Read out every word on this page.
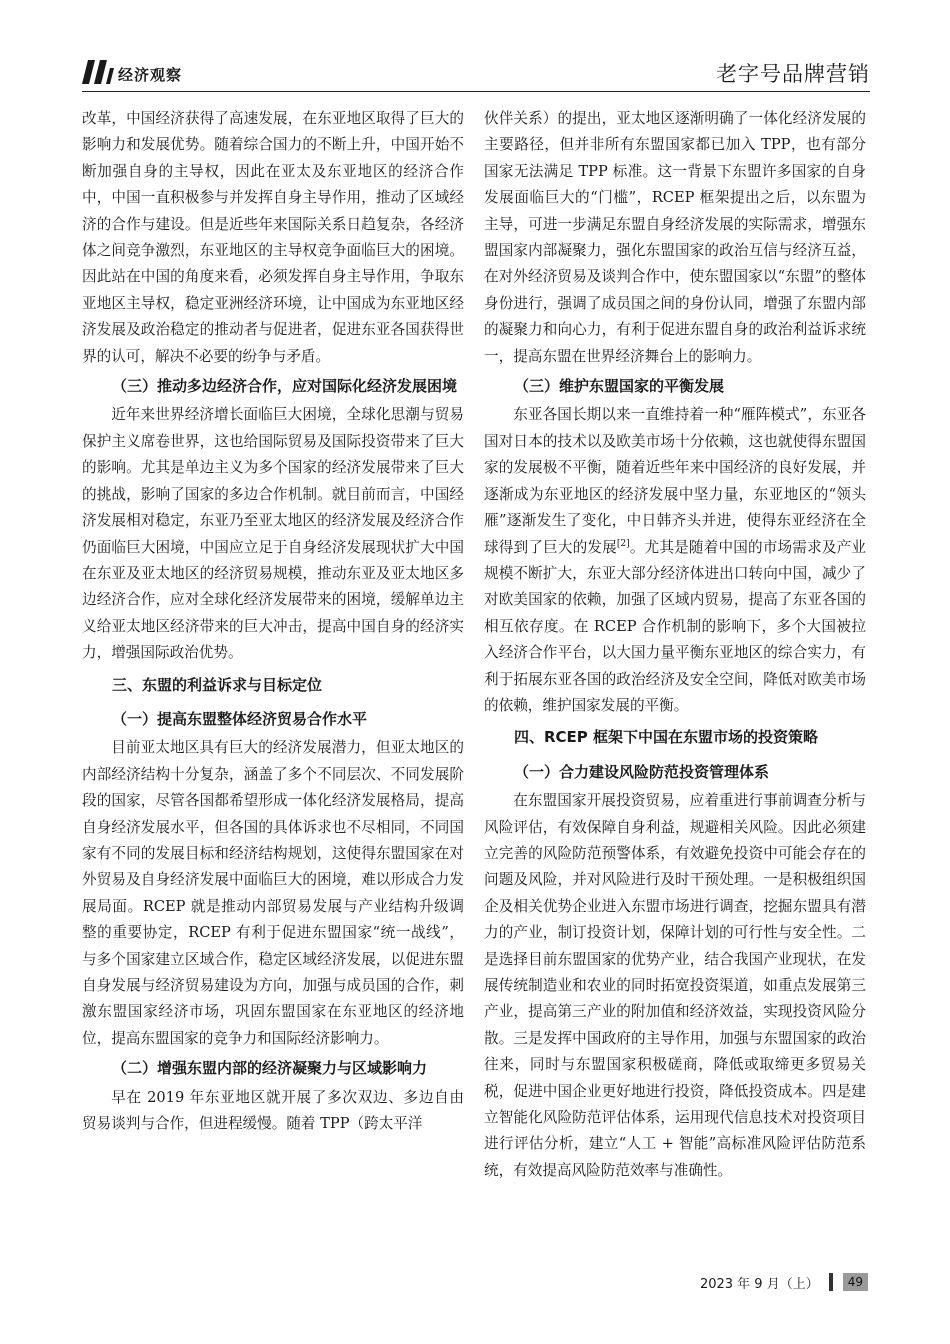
经济观察	老字号品牌营销

改革，中国经济获得了高速发展，在东亚地区取得了巨大的影响力和发展优势。随着综合国力的不断上升，中国开始不断加强自身的主导权，因此在亚太及东亚地区的经济合作中，中国一直积极参与并发挥自身主导作用，推动了区域经济的合作与建设。但是近些年来国际关系日趋复杂，各经济体之间竞争激烈，东亚地区的主导权竞争面临巨大的困境。因此站在中国的角度来看，必须发挥自身主导作用，争取东亚地区主导权，稳定亚洲经济环境，让中国成为东亚地区经济发展及政治稳定的推动者与促进者，促进东亚各国获得世界的认可，解决不必要的纷争与矛盾。

（三）推动多边经济合作，应对国际化经济发展困境

近年来世界经济增长面临巨大困境，全球化思潮与贸易保护主义席卷世界，这也给国际贸易及国际投资带来了巨大的影响。尤其是单边主义为多个国家的经济发展带来了巨大的挑战，影响了国家的多边合作机制。就目前而言，中国经济发展相对稳定，东亚乃至亚太地区的经济发展及经济合作仍面临巨大困境，中国应立足于自身经济发展现状扩大中国在东亚及亚太地区的经济贸易规模，推动东亚及亚太地区多边经济合作，应对全球化经济发展带来的困境，缓解单边主义给亚太地区经济带来的巨大冲击，提高中国自身的经济实力，增强国际政治优势。

三、东盟的利益诉求与目标定位
（一）提高东盟整体经济贸易合作水平

目前亚太地区具有巨大的经济发展潜力，但亚太地区的内部经济结构十分复杂，涵盖了多个不同层次、不同发展阶段的国家，尽管各国都希望形成一体化经济发展格局，提高自身经济发展水平，但各国的具体诉求也不尽相同，不同国家有不同的发展目标和经济结构规划，这使得东盟国家在对外贸易及自身经济发展中面临巨大的困境，难以形成合力发展局面。RCEP 就是推动内部贸易发展与产业结构升级调整的重要协定，RCEP 有利于促进东盟国家“统一战线”，与多个国家建立区域合作，稳定区域经济发展，以促进东盟自身发展与经济贸易建设为方向，加强与成员国的合作，刺激东盟国家经济市场，巩固东盟国家在东亚地区的经济地位，提高东盟国家的竞争力和国际经济影响力。

（二）增强东盟内部的经济凝聚力与区域影响力

早在 2019 年东亚地区就开展了多次双边、多边自由贸易谈判与合作，但进程缓慢。随着 TPP（跨太平洋

伙伴关系）的提出，亚太地区逐渐明确了一体化经济发展的主要路径，但并非所有东盟国家都已加入 TPP，也有部分国家无法满足 TPP 标准。这一背景下东盟许多国家的自身发展面临巨大的“门槛”，RCEP 框架提出之后，以东盟为主导，可进一步满足东盟自身经济发展的实际需求，增强东盟国家内部凝聚力，强化东盟国家的政治互信与经济互益，在对外经济贸易及谈判合作中，使东盟国家以“东盟”的整体身份进行，强调了成员国之间的身份认同，增强了东盟内部的凝聚力和向心力，有利于促进东盟自身的政治利益诉求统一，提高东盟在世界经济舞台上的影响力。

（三）维护东盟国家的平衡发展

东亚各国长期以来一直维持着一种“雁阵模式”，东亚各国对日本的技术以及欧美市场十分依赖，这也就使得东盟国家的发展极不平衡，随着近些年来中国经济的良好发展，并逐渐成为东亚地区的经济发展中坚力量，东亚地区的“领头雁”逐渐发生了变化，中日韩齐头并进，使得东亚经济在全球得到了巨大的发展[2]。尤其是随着中国的市场需求及产业规模不断扩大，东亚大部分经济体进出口转向中国，减少了对欧美国家的依赖，加强了区域内贸易，提高了东亚各国的相互依存度。在 RCEP 合作机制的影响下，多个大国被拉入经济合作平台，以大国力量平衡东亚地区的综合实力，有利于拓展东亚各国的政治经济及安全空间，降低对欧美市场的依赖，维护国家发展的平衡。

四、RCEP 框架下中国在东盟市场的投资策略
（一）合力建设风险防范投资管理体系

在东盟国家开展投资贸易，应着重进行事前调查分析与风险评估，有效保障自身利益，规避相关风险。因此必须建立完善的风险防范预警体系，有效避免投资中可能会存在的问题及风险，并对风险进行及时干预处理。一是积极组织国企及相关优势企业进入东盟市场进行调查，挖掘东盟具有潜力的产业，制订投资计划，保障计划的可行性与安全性。二是选择目前东盟国家的优势产业，结合我国产业现状，在发展传统制造业和农业的同时拓宽投资渠道，如重点发展第三产业，提高第三产业的附加值和经济效益，实现投资风险分散。三是发挥中国政府的主导作用，加强与东盟国家的政治往来，同时与东盟国家积极磋商，降低或取缔更多贸易关税，促进中国企业更好地进行投资，降低投资成本。四是建立智能化风险防范评估体系，运用现代信息技术对投资项目进行评估分析，建立“人工 + 智能”高标准风险评估防范系统，有效提高风险防范效率与准确性。

2023 年 9 月（上）	49
